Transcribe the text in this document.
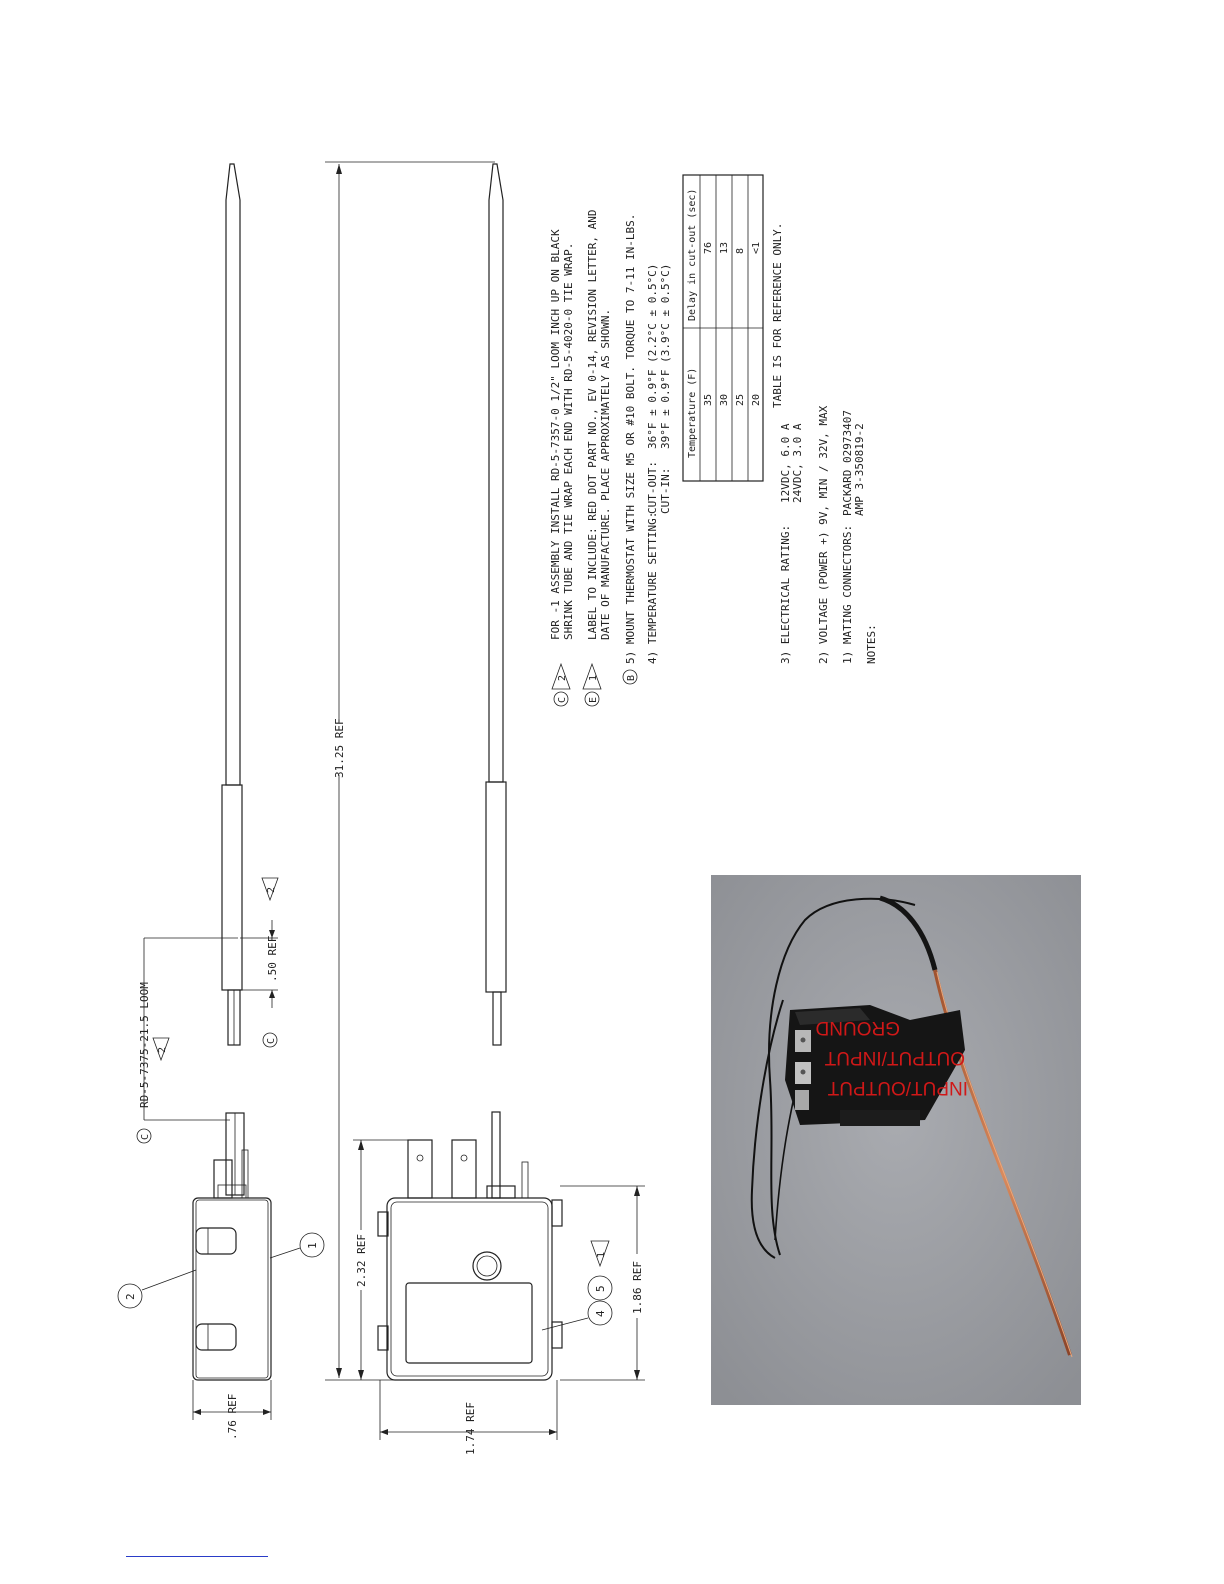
31.25 REF
C
RD-5-7375-21.5 LOOM 2
.50 REF
C
2
2
1
.76 REF
2.32 REF
1.86 REF
1.74 REF
4
5
1
C
2
FOR -1 ASSEMBLY INSTALL RD-5-7357-0 1/2" LOOM INCH UP ON BLACK SHRINK TUBE AND TIE WRAP EACH END WITH RD-5-4020-0 TIE WRAP.
E
1
LABEL TO INCLUDE: RED DOT PART NO., EV 0-14, REVISION LETTER, AND DATE OF MANUFACTURE. PLACE APPROXIMATELY AS SHOWN.
B
5) MOUNT THERMOSTAT WITH SIZE M5 OR #10 BOLT. TORQUE TO 7-11 IN-LBS. 4) TEMPERATURE SETTING:
CUT-OUT:
36°F ± 0.9°F (2.2°C ± 0.5°C)
CUT-IN:
39°F ± 0.9°F (3.9°C ± 0.5°C)
3) ELECTRICAL RATING:
12VDC, 6.0 A 24VDC, 3.0 A 2) VOLTAGE (POWER +) 9V, MIN / 32V, MAX 1) MATING CONNECTORS:
PACKARD 02973407 AMP 3-350819-2
NOTES:
TABLE IS FOR REFERENCE ONLY.
Temperature (F)
Delay in cut-out (sec)
35
76
30
13
25
8
20
<1
GROUND
OUTPUT/INPUT
INPUT/OUTPUT
